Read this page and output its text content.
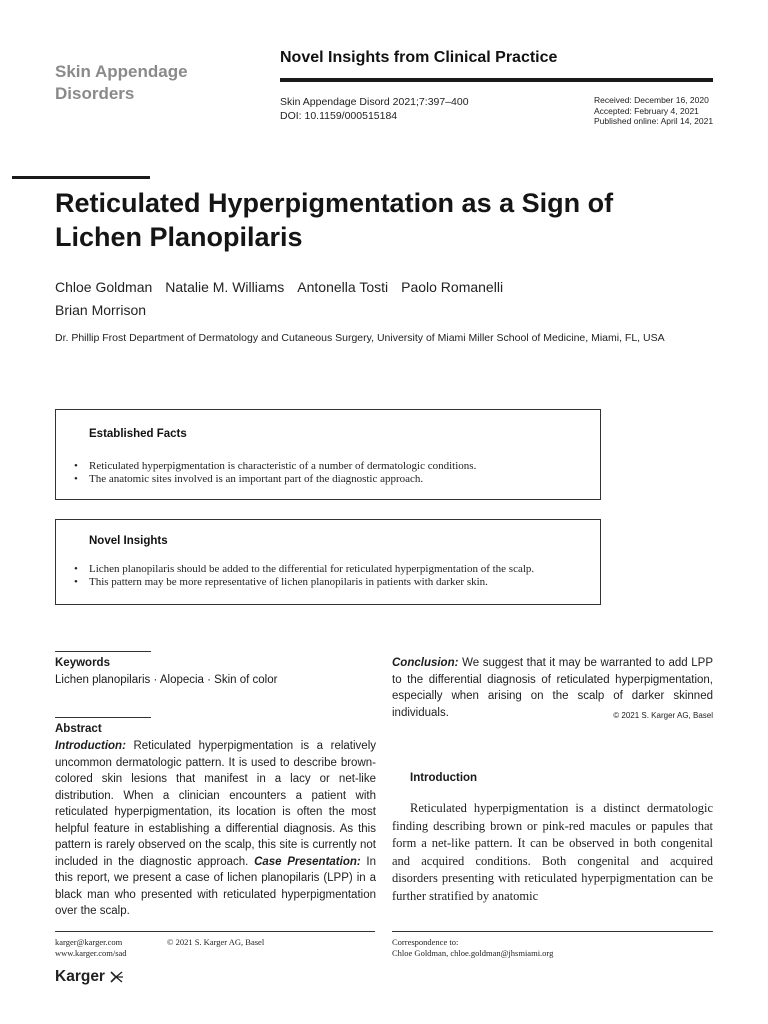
Skin Appendage
Disorders
Novel Insights from Clinical Practice
Skin Appendage Disord 2021;7:397–400
DOI: 10.1159/000515184
Received: December 16, 2020
Accepted: February 4, 2021
Published online: April 14, 2021
Reticulated Hyperpigmentation as a Sign of Lichen Planopilaris
Chloe Goldman Natalie M. Williams Antonella Tosti Paolo Romanelli
Brian Morrison
Dr. Phillip Frost Department of Dermatology and Cutaneous Surgery, University of Miami Miller School of Medicine, Miami, FL, USA
Established Facts
• Reticulated hyperpigmentation is characteristic of a number of dermatologic conditions.
• The anatomic sites involved is an important part of the diagnostic approach.
Novel Insights
• Lichen planopilaris should be added to the differential for reticulated hyperpigmentation of the scalp.
• This pattern may be more representative of lichen planopilaris in patients with darker skin.
Keywords
Lichen planopilaris · Alopecia · Skin of color
Abstract
Introduction: Reticulated hyperpigmentation is a relatively uncommon dermatologic pattern. It is used to describe brown-colored skin lesions that manifest in a lacy or net-like distribution. When a clinician encounters a patient with reticulated hyperpigmentation, its location is often the most helpful feature in establishing a differential diagnosis. As this pattern is rarely observed on the scalp, this site is currently not included in the diagnostic approach. Case Presentation: In this report, we present a case of lichen planopilaris (LPP) in a black man who presented with reticulated hyperpigmentation over the scalp.
Conclusion: We suggest that it may be warranted to add LPP to the differential diagnosis of reticulated hyperpigmentation, especially when arising on the scalp of darker skinned individuals.	© 2021 S. Karger AG, Basel
Introduction
Reticulated hyperpigmentation is a distinct dermatologic finding describing brown or pink-red macules or papules that form a net-like pattern. It can be observed in both congenital and acquired conditions. Both congenital and acquired disorders presenting with reticulated hyperpigmentation can be further stratified by anatomic
karger@karger.com
www.karger.com/sad
© 2021 S. Karger AG, Basel	Correspondence to:
Chloe Goldman, chloe.goldman@jhsmiami.org
Karger
